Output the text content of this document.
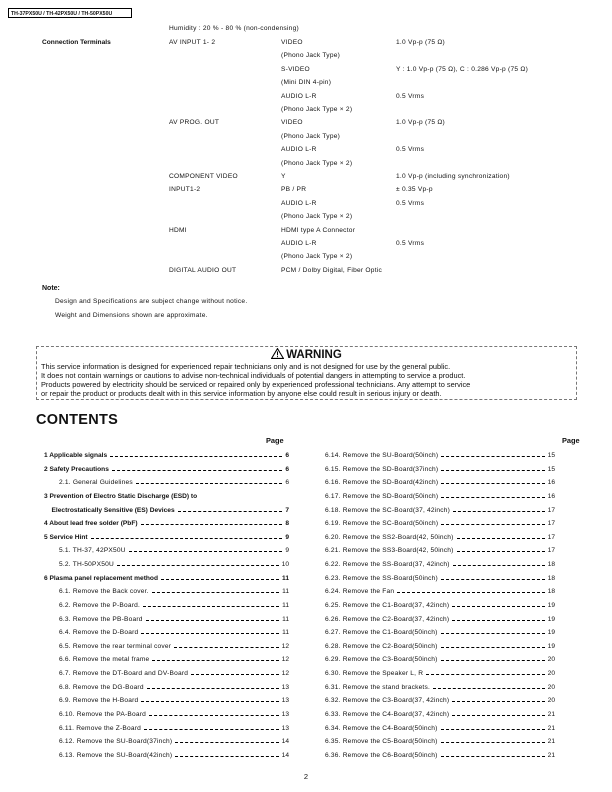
TH-37PX50U / TH-42PX50U / TH-50PX50U
Humidity : 20 % - 80 % (non-condensing)
Connection Terminals	AV INPUT 1- 2	VIDEO	1.0 Vp-p (75 Ω)
(Phono Jack Type)
S-VIDEO	Y : 1.0 Vp-p (75 Ω), C : 0.286 Vp-p (75 Ω)
(Mini DIN 4-pin)
AUDIO L-R	0.5 Vrms
(Phono Jack Type × 2)
AV PROG. OUT	VIDEO	1.0 Vp-p (75 Ω)
(Phono Jack Type)
AUDIO L-R	0.5 Vrms
(Phono Jack Type × 2)
COMPONENT VIDEO	Y	1.0 Vp-p (including synchronization)
INPUT1-2	PB / PR	± 0.35 Vp-p
AUDIO L-R	0.5 Vrms
(Phono Jack Type × 2)
HDMI	HDMI type A Connector
AUDIO L-R	0.5 Vrms
(Phono Jack Type × 2)
DIGITAL AUDIO OUT	PCM / Dolby Digital, Fiber Optic
Note:
Design and Specifications are subject change without notice.
Weight and Dimensions shown are approximate.
WARNING
This service information is designed for experienced repair technicians only and is not designed for use by the general public.
It does not contain warnings or cautions to advise non-technical individuals of potential dangers in attempting to service a product.
Products powered by electricity should be serviced or repaired only by experienced professional technicians. Any attempt to service
or repair the product or products dealt with in this service information by anyone else could result in serious injury or death.
CONTENTS
Page	Page
1 Applicable signals	6
2 Safety Precautions	6
2.1. General Guidelines	6
3 Prevention of Electro Static Discharge (ESD) to
Electrostatically Sensitive (ES) Devices	7
4 About lead free solder (PbF)	8
5 Service Hint	9
5.1. TH-37, 42PX50U	9
5.2. TH-50PX50U	10
6 Plasma panel replacement method	11
6.1. Remove the Back cover.	11
6.2. Remove the P-Board.	11
6.3. Remove the PB-Board	11
6.4. Remove the D-Board	11
6.5. Remove the rear terminal cover	12
6.6. Remove the metal frame	12
6.7. Remove the DT-Board and DV-Board	12
6.8. Remove the DG-Board	13
6.9. Remove the H-Board	13
6.10. Remove the PA-Board	13
6.11. Remove the Z-Board	13
6.12. Remove the SU-Board(37inch)	14
6.13. Remove the SU-Board(42inch)	14
6.14. Remove the SU-Board(50inch)	15
6.15. Remove the SD-Board(37inch)	15
6.16. Remove the SD-Board(42inch)	16
6.17. Remove the SD-Board(50inch)	16
6.18. Remove the SC-Board(37, 42inch)	17
6.19. Remove the SC-Board(50inch)	17
6.20. Remove the SS2-Board(42, 50inch)	17
6.21. Remove the SS3-Board(42, 50inch)	17
6.22. Remove the SS-Board(37, 42inch)	18
6.23. Remove the SS-Board(50inch)	18
6.24. Remove the Fan	18
6.25. Remove the C1-Board(37, 42inch)	19
6.26. Remove the C2-Board(37, 42inch)	19
6.27. Remove the C1-Board(50inch)	19
6.28. Remove the C2-Board(50inch)	19
6.29. Remove the C3-Board(50inch)	20
6.30. Remove the Speaker L, R	20
6.31. Remove the stand brackets.	20
6.32. Remove the C3-Board(37, 42inch)	20
6.33. Remove the C4-Board(37, 42inch)	21
6.34. Remove the C4-Board(50inch)	21
6.35. Remove the C5-Board(50inch)	21
6.36. Remove the C6-Board(50inch)	21
2
